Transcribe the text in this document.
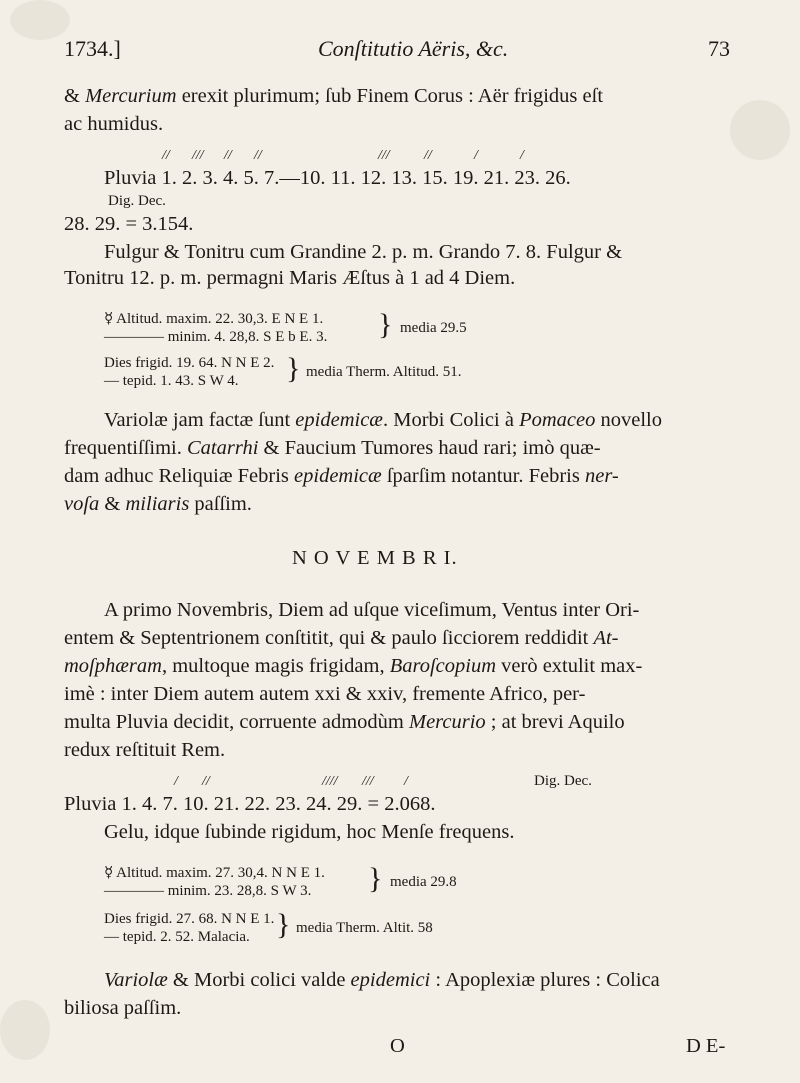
1734.]	Conſtitutio Aëris, &c.	73
& Mercurium erexit plurimum; ſub Finem Corus : Aër frigidus eſt
ac humidus.
// /// // //	/// //	/	/
Pluvia 1. 2. 3. 4. 5. 7.—10. 11. 12. 13. 15. 19. 21. 23. 26.
Dig. Dec.
28. 29. = 3.154.
Fulgur & Tonitru cum Grandine 2. p. m. Grando 7. 8. Fulgur &
Tonitru 12. p. m. permagni Maris Æſtus à 1 ad 4 Diem.
☿ Altitud. maxim. 22. 30,3. E N E 1.
———— minim. 4. 28,8. S E b E. 3. } media 29.5
Dies frigid. 19. 64. N N E 2.
— tepid. 1. 43. S W 4. } media Therm. Altitud. 51.
Variolæ jam factæ ſunt epidemicæ. Morbi Colici à Pomaceo novello
frequentiſſimi. Catarrhi & Faucium Tumores haud rari; imò quæ-
dam adhuc Reliquiæ Febris epidemicæ ſparſim notantur. Febris ner-
voſa & miliaris paſſim.
N O V E M B R I.
A primo Novembris, Diem ad uſque viceſimum, Ventus inter Ori-
entem & Septentrionem conſtitit, qui & paulo ſicciorem reddidit At-
moſphæram, multoque magis frigidam, Baroſcopium verò extulit max-
imè : inter Diem autem autem xxi & xxiv, fremente Africo, per-
multa Pluvia decidit, corruente admodùm Mercurio ; at brevi Aquilo
redux reſtituit Rem.
/ //	//// /// /	Dig. Dec.
Pluvia 1. 4. 7. 10. 21. 22. 23. 24. 29. = 2.068.
Gelu, idque ſubinde rigidum, hoc Menſe frequens.
☿ Altitud. maxim. 27. 30,4. N N E 1.
———— minim. 23. 28,8. S W 3. } media 29.8
Dies frigid. 27. 68. N N E 1.
— tepid. 2. 52. Malacia. } media Therm. Altit. 58
Variolæ & Morbi colici valde epidemici : Apoplexiæ plures : Colica
biliosa paſſim.
O	D E-
